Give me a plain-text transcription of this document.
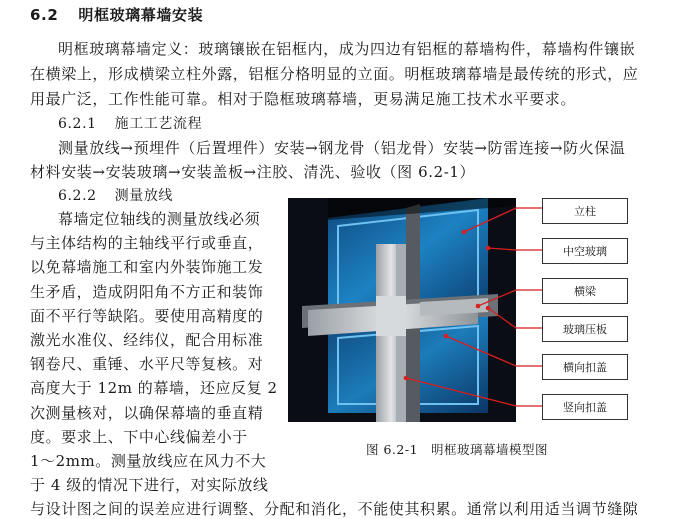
6.2 明框玻璃幕墙安装
明框玻璃幕墙定义：玻璃镶嵌在铝框内，成为四边有铝框的幕墙构件，幕墙构件镶嵌
在横梁上，形成横梁立柱外露，铝框分格明显的立面。明框玻璃幕墙是最传统的形式，应
用最广泛，工作性能可靠。相对于隐框玻璃幕墙，更易满足施工技术水平要求。
6.2.1 施工工艺流程
测量放线→预埋件（后置埋件）安装→钢龙骨（铝龙骨）安装→防雷连接→防火保温
材料安装→安装玻璃→安装盖板→注胶、清洗、验收（图 6.2-1）
6.2.2 测量放线
幕墙定位轴线的测量放线必须
与主体结构的主轴线平行或垂直，
以免幕墙施工和室内外装饰施工发
生矛盾，造成阴阳角不方正和装饰
面不平行等缺陷。要使用高精度的
激光水准仪、经纬仪，配合用标准
钢卷尺、重锤、水平尺等复核。对
高度大于 12m 的幕墙，还应反复 2
次测量核对，以确保幕墙的垂直精
度。要求上、下中心线偏差小于
1～2mm。测量放线应在风力不大
于 4 级的情况下进行，对实际放线
与设计图之间的误差应进行调整、分配和消化，不能使其积累。通常以利用适当调节缝隙
立柱
中空玻璃
横梁
玻璃压板
横向扣盖
竖向扣盖
图 6.2-1　明框玻璃幕墙模型图
